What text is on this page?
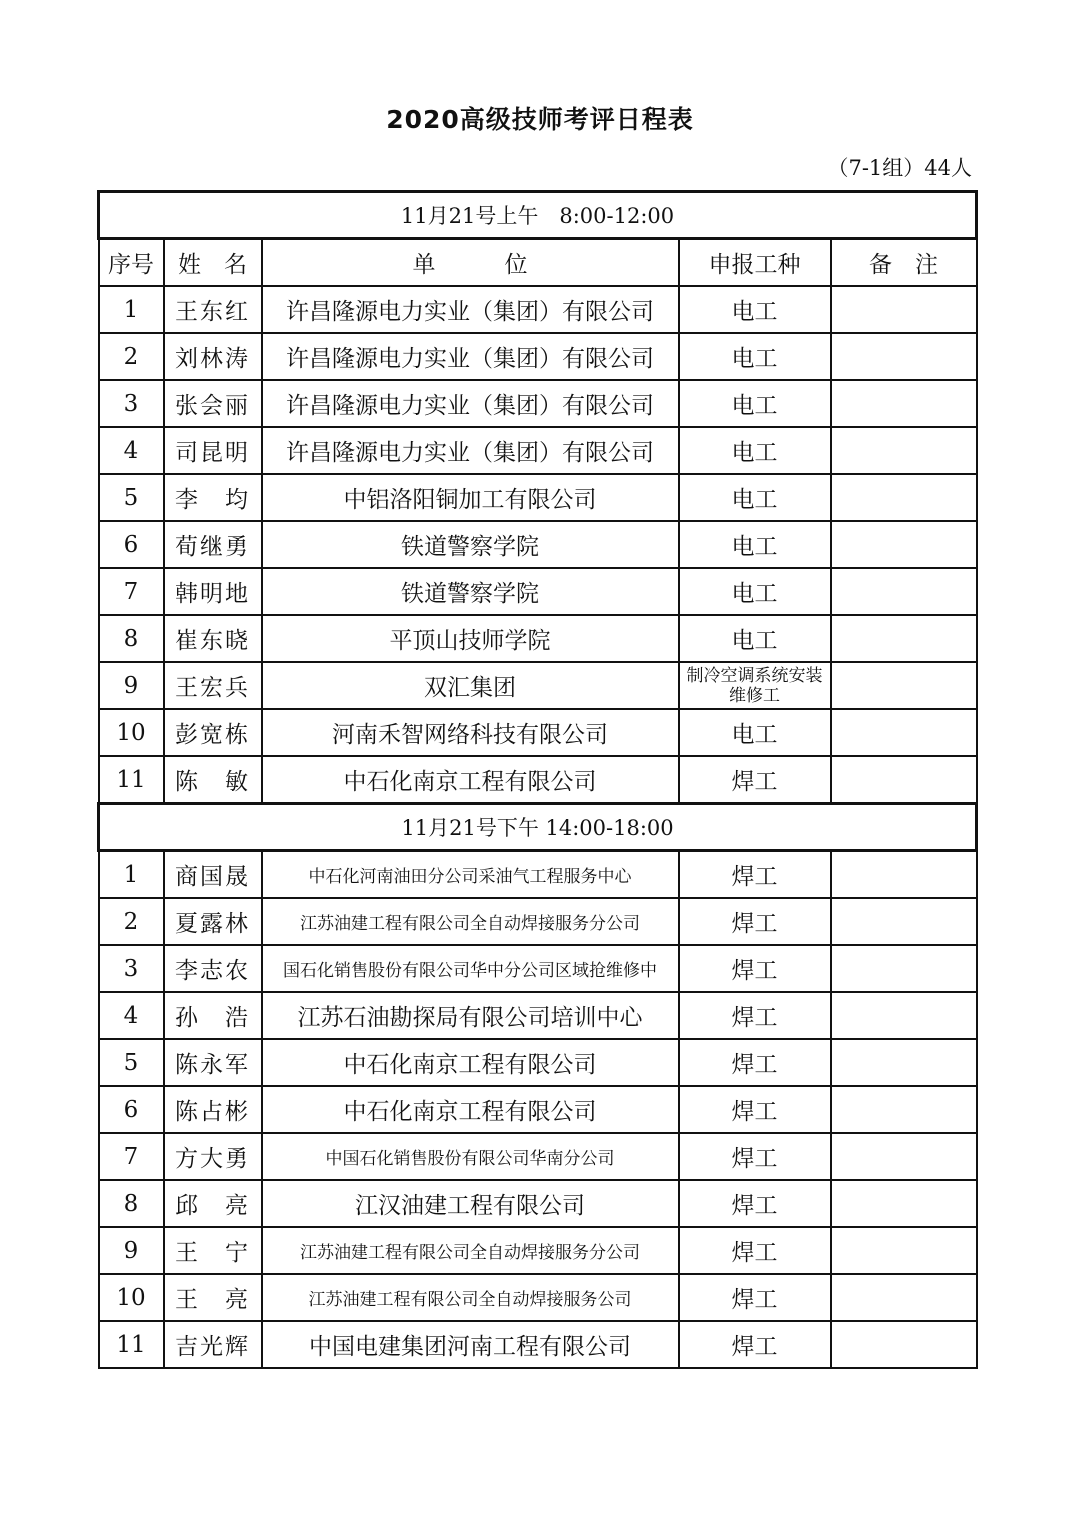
2020高级技师考评日程表
（7-1组）44人
11月21号上午　8:00-12:00				
序号	姓　名	单　　　位	申报工种	备　注
1	王东红	许昌隆源电力实业（集团）有限公司	电工	
2	刘林涛	许昌隆源电力实业（集团）有限公司	电工	
3	张会丽	许昌隆源电力实业（集团）有限公司	电工	
4	司昆明	许昌隆源电力实业（集团）有限公司	电工	
5	李　均	中铝洛阳铜加工有限公司	电工	
6	荀继勇	铁道警察学院	电工	
7	韩明地	铁道警察学院	电工	
8	崔东晓	平顶山技师学院	电工	
9	王宏兵	双汇集团	制冷空调系统安装维修工	
10	彭宽栋	河南禾智网络科技有限公司	电工	
11	陈　敏	中石化南京工程有限公司	焊工	
11月21号下午 14:00-18:00				
1	商国晟	中石化河南油田分公司采油气工程服务中心	焊工	
2	夏露林	江苏油建工程有限公司全自动焊接服务分公司	焊工	
3	李志农	国石化销售股份有限公司华中分公司区域抢维修中	焊工	
4	孙　浩	江苏石油勘探局有限公司培训中心	焊工	
5	陈永军	中石化南京工程有限公司	焊工	
6	陈占彬	中石化南京工程有限公司	焊工	
7	方大勇	中国石化销售股份有限公司华南分公司	焊工	
8	邱　亮	江汉油建工程有限公司	焊工	
9	王　宁	江苏油建工程有限公司全自动焊接服务分公司	焊工	
10	王　亮	江苏油建工程有限公司全自动焊接服务公司	焊工	
11	吉光辉	中国电建集团河南工程有限公司	焊工	
